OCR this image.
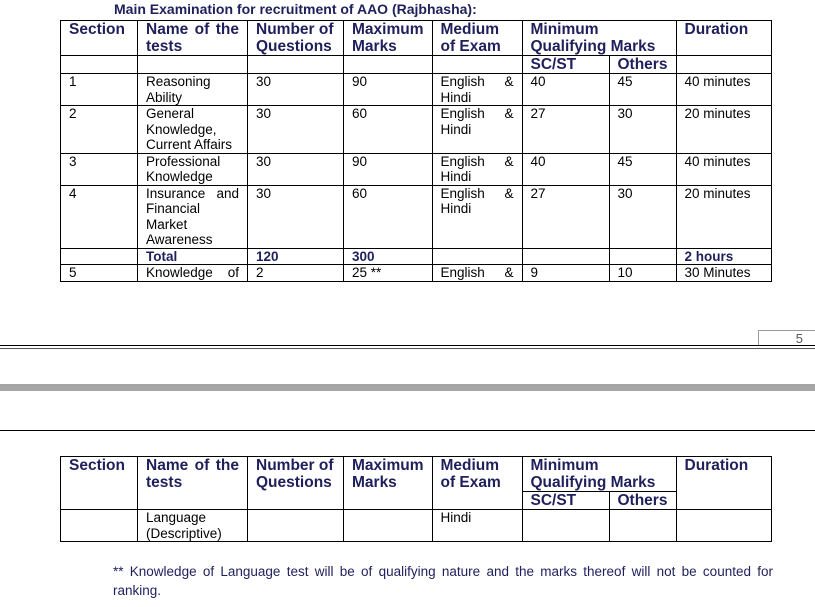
Main Examination for recruitment of AAO (Rajbhasha):
Section	Name of the tests	Number of Questions	Maximum Marks	Medium of Exam	Minimum Qualifying Marks		Duration

					SC/ST	Others	
1	Reasoning Ability	30	90	English & Hindi	40	45	40 minutes
2	General Knowledge, Current Affairs	30	60	English & Hindi	27	30	20 minutes
3	Professional Knowledge	30	90	English & Hindi	40	45	40 minutes
4	Insurance and Financial Market Awareness	30	60	English & Hindi	27	30	20 minutes
	Total	120	300				2 hours
5	Knowledge of	2	25 **	English &	9	10	30 Minutes
5
Section	Name of the tests	Number of Questions	Maximum Marks	Medium of Exam	Minimum Qualifying Marks		Duration
					SC/ST	Others	
	Language (Descriptive)			Hindi			
** Knowledge of Language test will be of qualifying nature and the marks thereof will not be counted for ranking.
